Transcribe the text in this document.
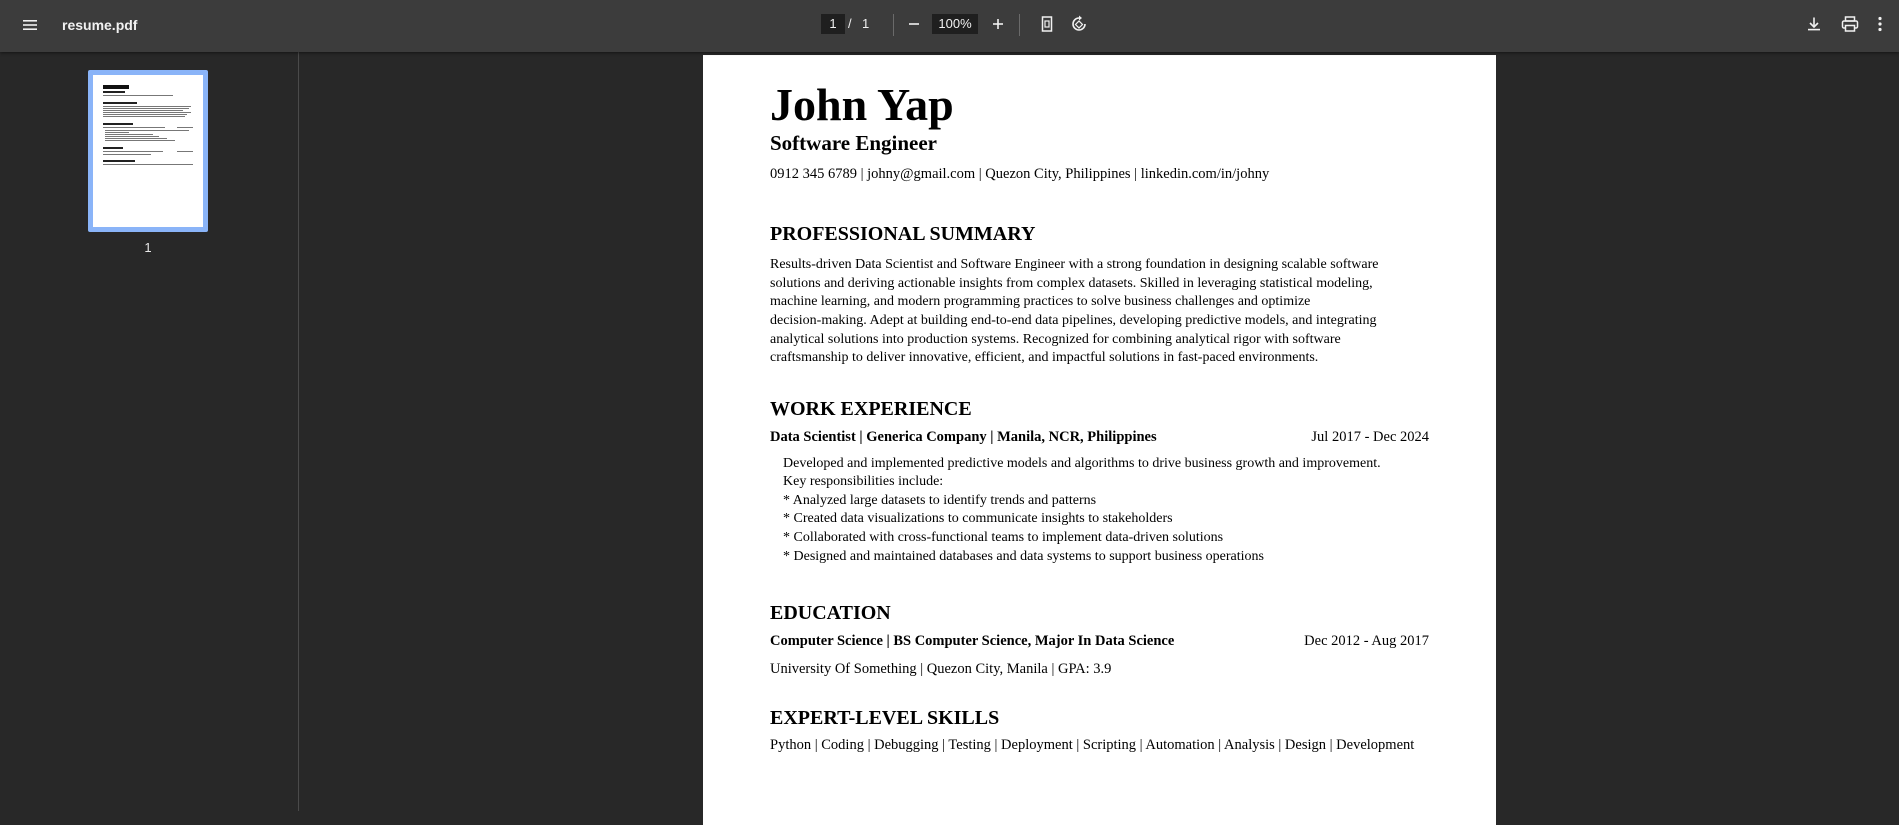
resume.pdf	1 / 1	100%
1
John Yap
Software Engineer
0912 345 6789 | johny@gmail.com | Quezon City, Philippines | linkedin.com/in/johny
PROFESSIONAL SUMMARY
Results-driven Data Scientist and Software Engineer with a strong foundation in designing scalable software
solutions and deriving actionable insights from complex datasets. Skilled in leveraging statistical modeling,
machine learning, and modern programming practices to solve business challenges and optimize
decision-making. Adept at building end-to-end data pipelines, developing predictive models, and integrating
analytical solutions into production systems. Recognized for combining analytical rigor with software
craftsmanship to deliver innovative, efficient, and impactful solutions in fast-paced environments.
WORK EXPERIENCE
Data Scientist | Generica Company | Manila, NCR, Philippines	Jul 2017 - Dec 2024
Developed and implemented predictive models and algorithms to drive business growth and improvement.
Key responsibilities include:
* Analyzed large datasets to identify trends and patterns
* Created data visualizations to communicate insights to stakeholders
* Collaborated with cross-functional teams to implement data-driven solutions
* Designed and maintained databases and data systems to support business operations
EDUCATION
Computer Science | BS Computer Science, Major In Data Science	Dec 2012 - Aug 2017
University Of Something | Quezon City, Manila | GPA: 3.9
EXPERT-LEVEL SKILLS
Python | Coding | Debugging | Testing | Deployment | Scripting | Automation | Analysis | Design | Development
